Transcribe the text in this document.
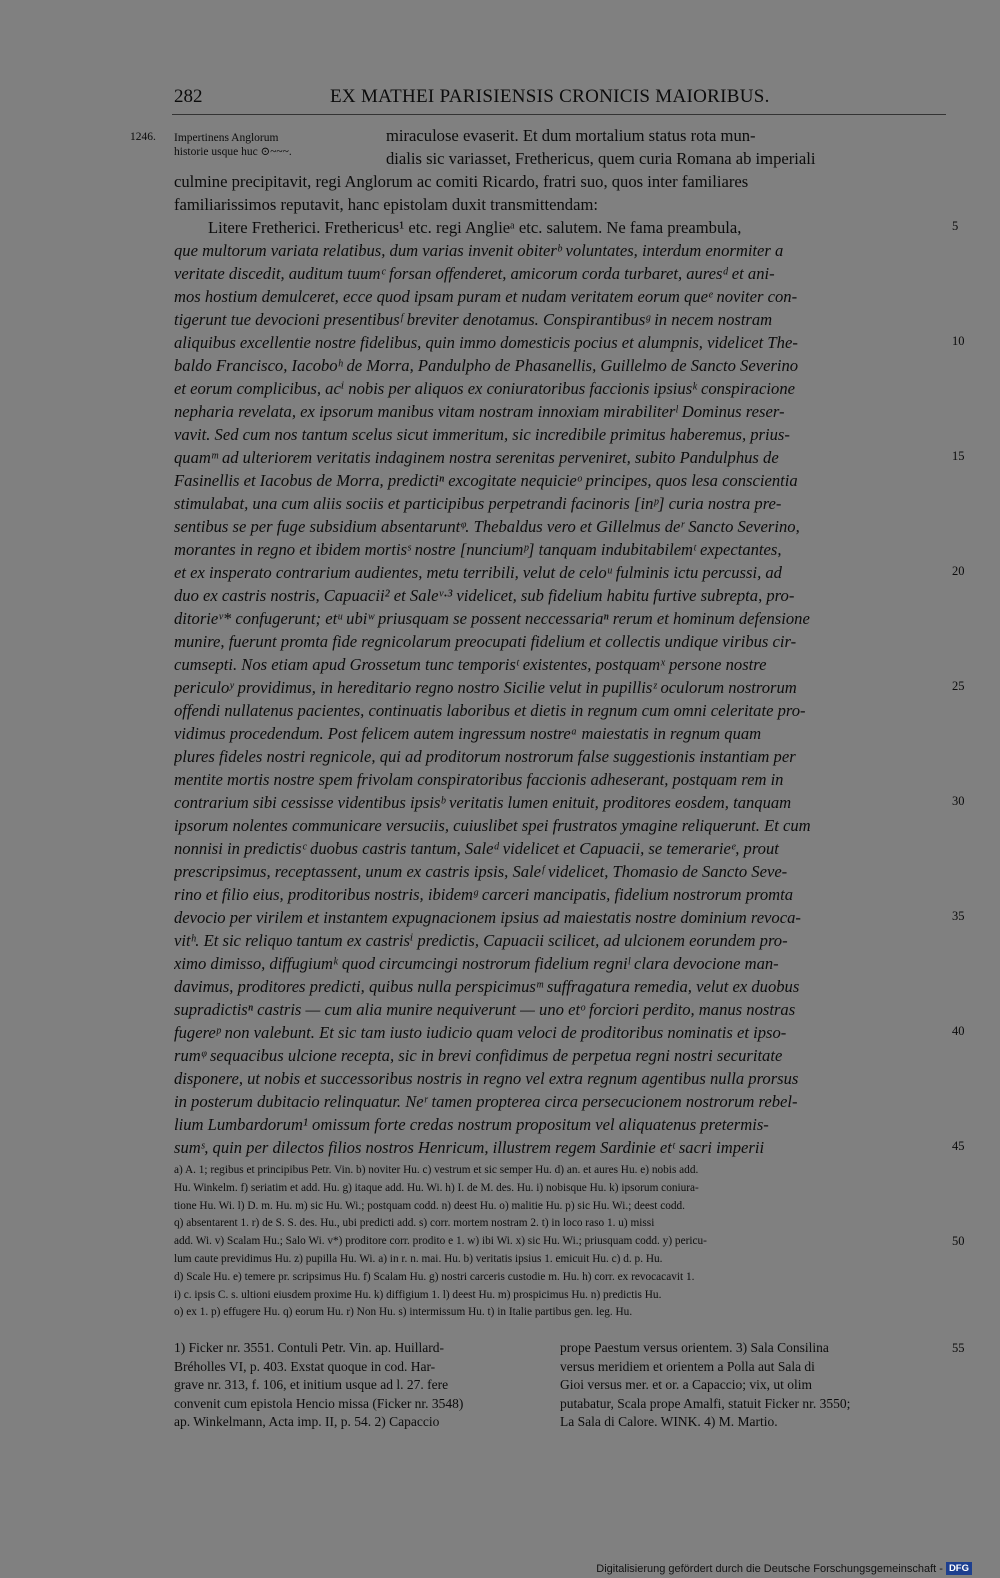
282	EX MATHEI PARISIENSIS CRONICIS MAIORIBUS.
1246. Impertinens Anglorum
historie usque huc ⊙~~~.
miraculose evaserit. Et dum mortalium status rota mun-
dialis sic variasset, Frethericus, quem curia Romana ab imperiali
culmine precipitavit, regi Anglorum ac comiti Ricardo, fratri suo, quos inter familiares
familiarissimos reputavit, hanc epistolam duxit transmittendam:
Litere Fretherici. Frethericus¹ etc. regi Anglieᵃ etc. salutem. Ne fama preambula,
que multorum variata relatibus, dum varias invenit obiterᵇ voluntates, interdum enormiter a
veritate discedit, auditum tuumᶜ forsan offenderet, amicorum corda turbaret, auresᵈ et ani-
mos hostium demulceret, ecce quod ipsam puram et nudam veritatem eorum queᵉ noviter con-
tigerunt tue devocioni presentibusᶠ breviter denotamus. Conspirantibusᵍ in necem nostram
aliquibus excellentie nostre fidelibus, quin immo domesticis pocius et alumpnis, videlicet The-
baldo Francisco, Iacoboʰ de Morra, Pandulpho de Phasanellis, Guillelmo de Sancto Severino
et eorum complicibus, acⁱ nobis per aliquos ex coniuratoribus faccionis ipsiusᵏ conspiracione
nepharia revelata, ex ipsorum manibus vitam nostram innoxiam mirabiliterˡ Dominus reser-
vavit. Sed cum nos tantum scelus sicut immeritum, sic incredibile primitus haberemus, prius-
quamᵐ ad ulteriorem veritatis indaginem nostra serenitas perveniret, subito Pandulphus de
Fasinellis et Iacobus de Morra, predictiⁿ excogitate nequicieᵒ principes, quos lesa conscientia
stimulabat, una cum aliis sociis et participibus perpetrandi facinoris [inᵖ] curia nostra pre-
sentibus se per fuge subsidium absentaruntᵠ. Thebaldus vero et Gillelmus deʳ Sancto Severino,
morantes in regno et ibidem mortisˢ nostre [nunciumᵖ] tanquam indubitabilemᵗ expectantes,
et ex insperato contrarium audientes, metu terribili, velut de celoᵘ fulminis ictu percussi, ad
duo ex castris nostris, Capuacii² et Saleᵛ·³ videlicet, sub fidelium habitu furtive subrepta, pro-
ditorieᵛ* confugerunt; etᵘ ubiʷ priusquam se possent neccessariaⁿ rerum et hominum defensione
munire, fuerunt promta fide regnicolarum preocupati fidelium et collectis undique viribus cir-
cumsepti. Nos etiam apud Grossetum tunc temporisᵗ existentes, postquamˣ persone nostre
periculoʸ providimus, in hereditario regno nostro Sicilie velut in pupillisᶻ oculorum nostrorum
offendi nullatenus pacientes, continuatis laboribus et dietis in regnum cum omni celeritate pro-
vidimus procedendum. Post felicem autem ingressum nostreᵃ maiestatis in regnum quam
plures fideles nostri regnicole, qui ad proditorum nostrorum false suggestionis instantiam per
mentite mortis nostre spem frivolam conspiratoribus faccionis adheserant, postquam rem in
contrarium sibi cessisse videntibus ipsisᵇ veritatis lumen enituit, proditores eosdem, tanquam
ipsorum nolentes communicare versuciis, cuiuslibet spei frustratos ymagine reliquerunt. Et cum
nonnisi in predictisᶜ duobus castris tantum, Saleᵈ videlicet et Capuacii, se temerarieᵉ, prout
prescripsimus, receptassent, unum ex castris ipsis, Saleᶠ videlicet, Thomasio de Sancto Seve-
rino et filio eius, proditoribus nostris, ibidemᵍ carceri mancipatis, fidelium nostrorum promta
devocio per virilem et instantem expugnacionem ipsius ad maiestatis nostre dominium revoca-
vitʰ. Et sic reliquo tantum ex castrisⁱ predictis, Capuacii scilicet, ad ulcionem eorundem pro-
ximo dimisso, diffugiumᵏ quod circumcingi nostrorum fidelium regniˡ clara devocione man-
davimus, proditores predicti, quibus nulla perspicimusᵐ suffragatura remedia, velut ex duobus
supradictisⁿ castris — cum alia munire nequiverunt — uno etᵒ forciori perdito, manus nostras
fugereᵖ non valebunt. Et sic tam iusto iudicio quam veloci de proditoribus nominatis et ipso-
rumᵠ sequacibus ulcione recepta, sic in brevi confidimus de perpetua regni nostri securitate
disponere, ut nobis et successoribus nostris in regno vel extra regnum agentibus nulla prorsus
in posterum dubitacio relinquatur. Neʳ tamen propterea circa persecucionem nostrorum rebel-
lium Lumbardorum¹ omissum forte credas nostrum propositum vel aliquatenus pretermis-
sumˢ, quin per dilectos filios nostros Henricum, illustrem regem Sardinie etᵗ sacri imperii
5
10
15
20
25
30
35
40
45
a) A. 1; regibus et principibus Petr. Vin. b) noviter Hu. c) vestrum et sic semper Hu. d) an. et aures Hu. e) nobis add.
Hu. Winkelm. f) seriatim et add. Hu. g) itaque add. Hu. Wi. h) I. de M. des. Hu. i) nobisque Hu. k) ipsorum coniura-
tione Hu. Wi. l) D. m. Hu. m) sic Hu. Wi.; postquam codd. n) deest Hu. o) malitie Hu. p) sic Hu. Wi.; deest codd.
q) absentarent 1. r) de S. S. des. Hu., ubi predicti add. s) corr. mortem nostram 2. t) in loco raso 1. u) missi
add. Wi. v) Scalam Hu.; Salo Wi. v*) proditore corr. prodito e 1. w) ibi Wi. x) sic Hu. Wi.; priusquam codd. y) pericu-
lum caute previdimus Hu. z) pupilla Hu. Wi. a) in r. n. mai. Hu. b) veritatis ipsius 1. emicuit Hu. c) d. p. Hu.
d) Scale Hu. e) temere pr. scripsimus Hu. f) Scalam Hu. g) nostri carceris custodie m. Hu. h) corr. ex revocacavit 1.
i) c. ipsis C. s. ultioni eiusdem proxime Hu. k) diffigium 1. l) deest Hu. m) prospicimus Hu. n) predictis Hu.
o) ex 1. p) effugere Hu. q) eorum Hu. r) Non Hu. s) intermissum Hu. t) in Italie partibus gen. leg. Hu.
50
1) Ficker nr. 3551. Contuli Petr. Vin. ap. Huillard-
Bréholles VI, p. 403. Exstat quoque in cod. Har-
grave nr. 313, f. 106, et initium usque ad l. 27. fere
convenit cum epistola Hencio missa (Ficker nr. 3548)
ap. Winkelmann, Acta imp. II, p. 54. 2) Capaccio
prope Paestum versus orientem. 3) Sala Consilina
versus meridiem et orientem a Polla aut Sala di
Gioi versus mer. et or. a Capaccio; vix, ut olim
putabatur, Scala prope Amalfi, statuit Ficker nr. 3550;
La Sala di Calore. WINK. 4) M. Martio.
55
Digitalisierung gefördert durch die Deutsche Forschungsgemeinschaft - DFG
